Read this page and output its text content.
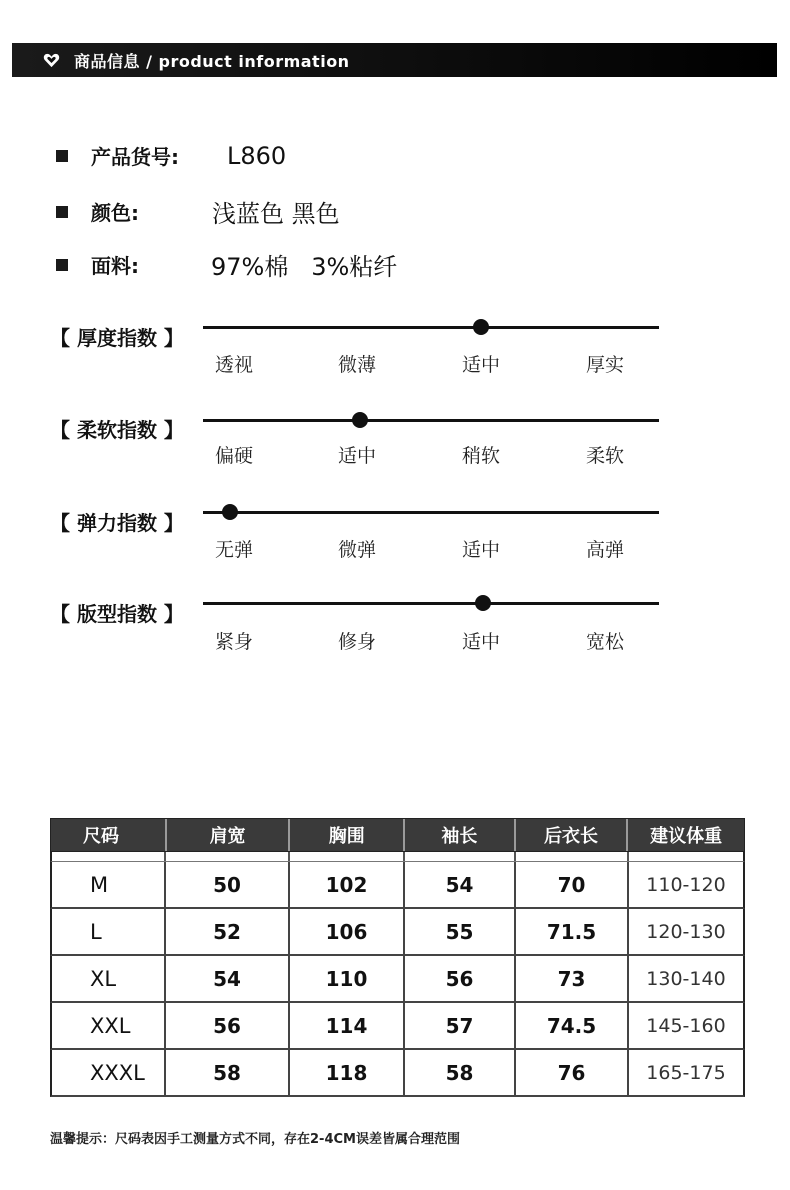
商品信息 / product information
产品货号:	L860
颜色:	浅蓝色 黑色
面料:	97%棉   3%粘纤
【 厚度指数 】
透视	微薄	适中	厚实
【 柔软指数 】
偏硬	适中	稍软	柔软
【 弹力指数 】
无弹	微弹	适中	高弹
【 版型指数 】
紧身	修身	适中	宽松
尺码	肩宽	胸围	袖长	后衣长	建议体重
M	50	102	54	70	110-120
L	52	106	55	71.5	120-130
XL	54	110	56	73	130-140
XXL	56	114	57	74.5	145-160
XXXL	58	118	58	76	165-175
温馨提示：尺码表因手工测量方式不同，存在2-4CM误差皆属合理范围
